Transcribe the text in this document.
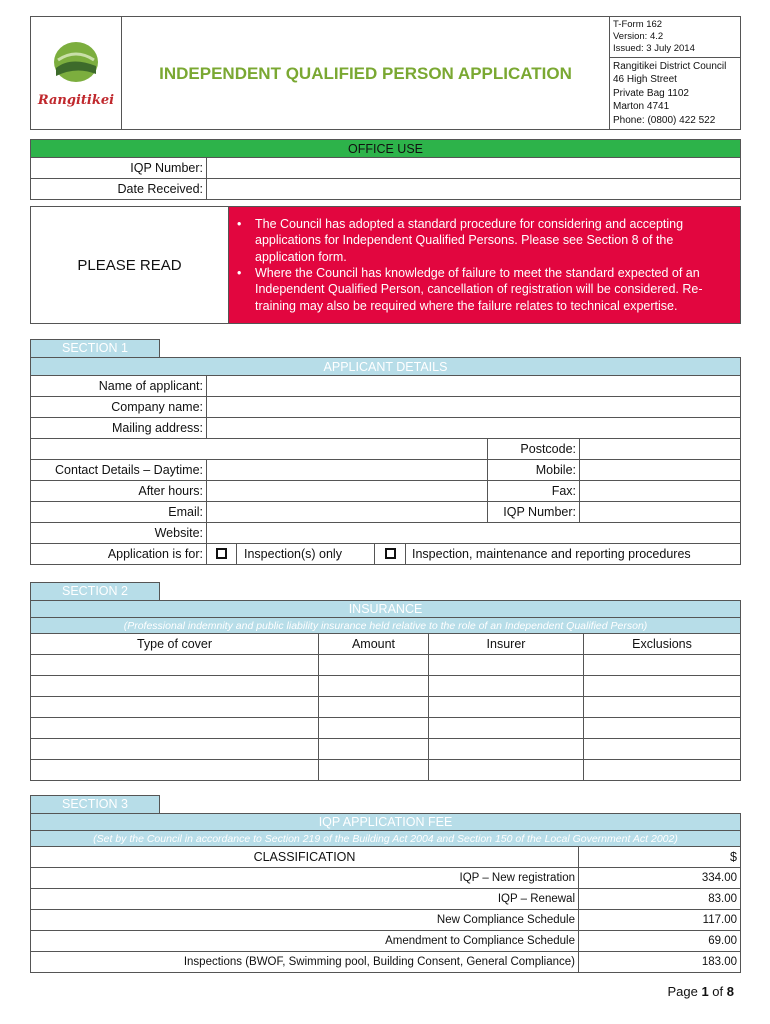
Rangitikei

INDEPENDENT QUALIFIED PERSON APPLICATION

T-Form 162
Version: 4.2
Issued: 3 July 2014
Rangitikei District Council
46 High Street
Private Bag 1102
Marton 4741
Phone: (0800) 422 522
OFFICE USE	
IQP Number:	
Date Received:	
PLEASE READ	
• The Council has adopted a standard procedure for considering and accepting applications for Independent Qualified Persons. Please see Section 8 of the application form.
• Where the Council has knowledge of failure to meet the standard expected of an Independent Qualified Person, cancellation of registration will be considered. Re-training may also be required where the failure relates to technical expertise.
SECTION 1
APPLICANT DETAILS			
Name of applicant:			
Company name:			
Mailing address:			
		Postcode:	
Contact Details – Daytime:		Mobile:	
After hours:		Fax:	
Email:		IQP Number:	
Website:			
Application is for:	Inspection(s) only Inspection, maintenance and reporting procedures		
SECTION 2
INSURANCE			
(Professional indemnity and public liability insurance held relative to the role of an Independent Qualified Person)			
Type of cover	Amount	Insurer	Exclusions

SECTION 3
IQP APPLICATION FEE	
(Set by the Council in accordance to Section 219 of the Building Act 2004 and Section 150 of the Local Government Act 2002)	
CLASSIFICATION	$
IQP – New registration	334.00
IQP – Renewal	83.00
New Compliance Schedule	117.00
Amendment to Compliance Schedule	69.00
Inspections (BWOF, Swimming pool, Building Consent, General Compliance)	183.00
Page 1 of 8
